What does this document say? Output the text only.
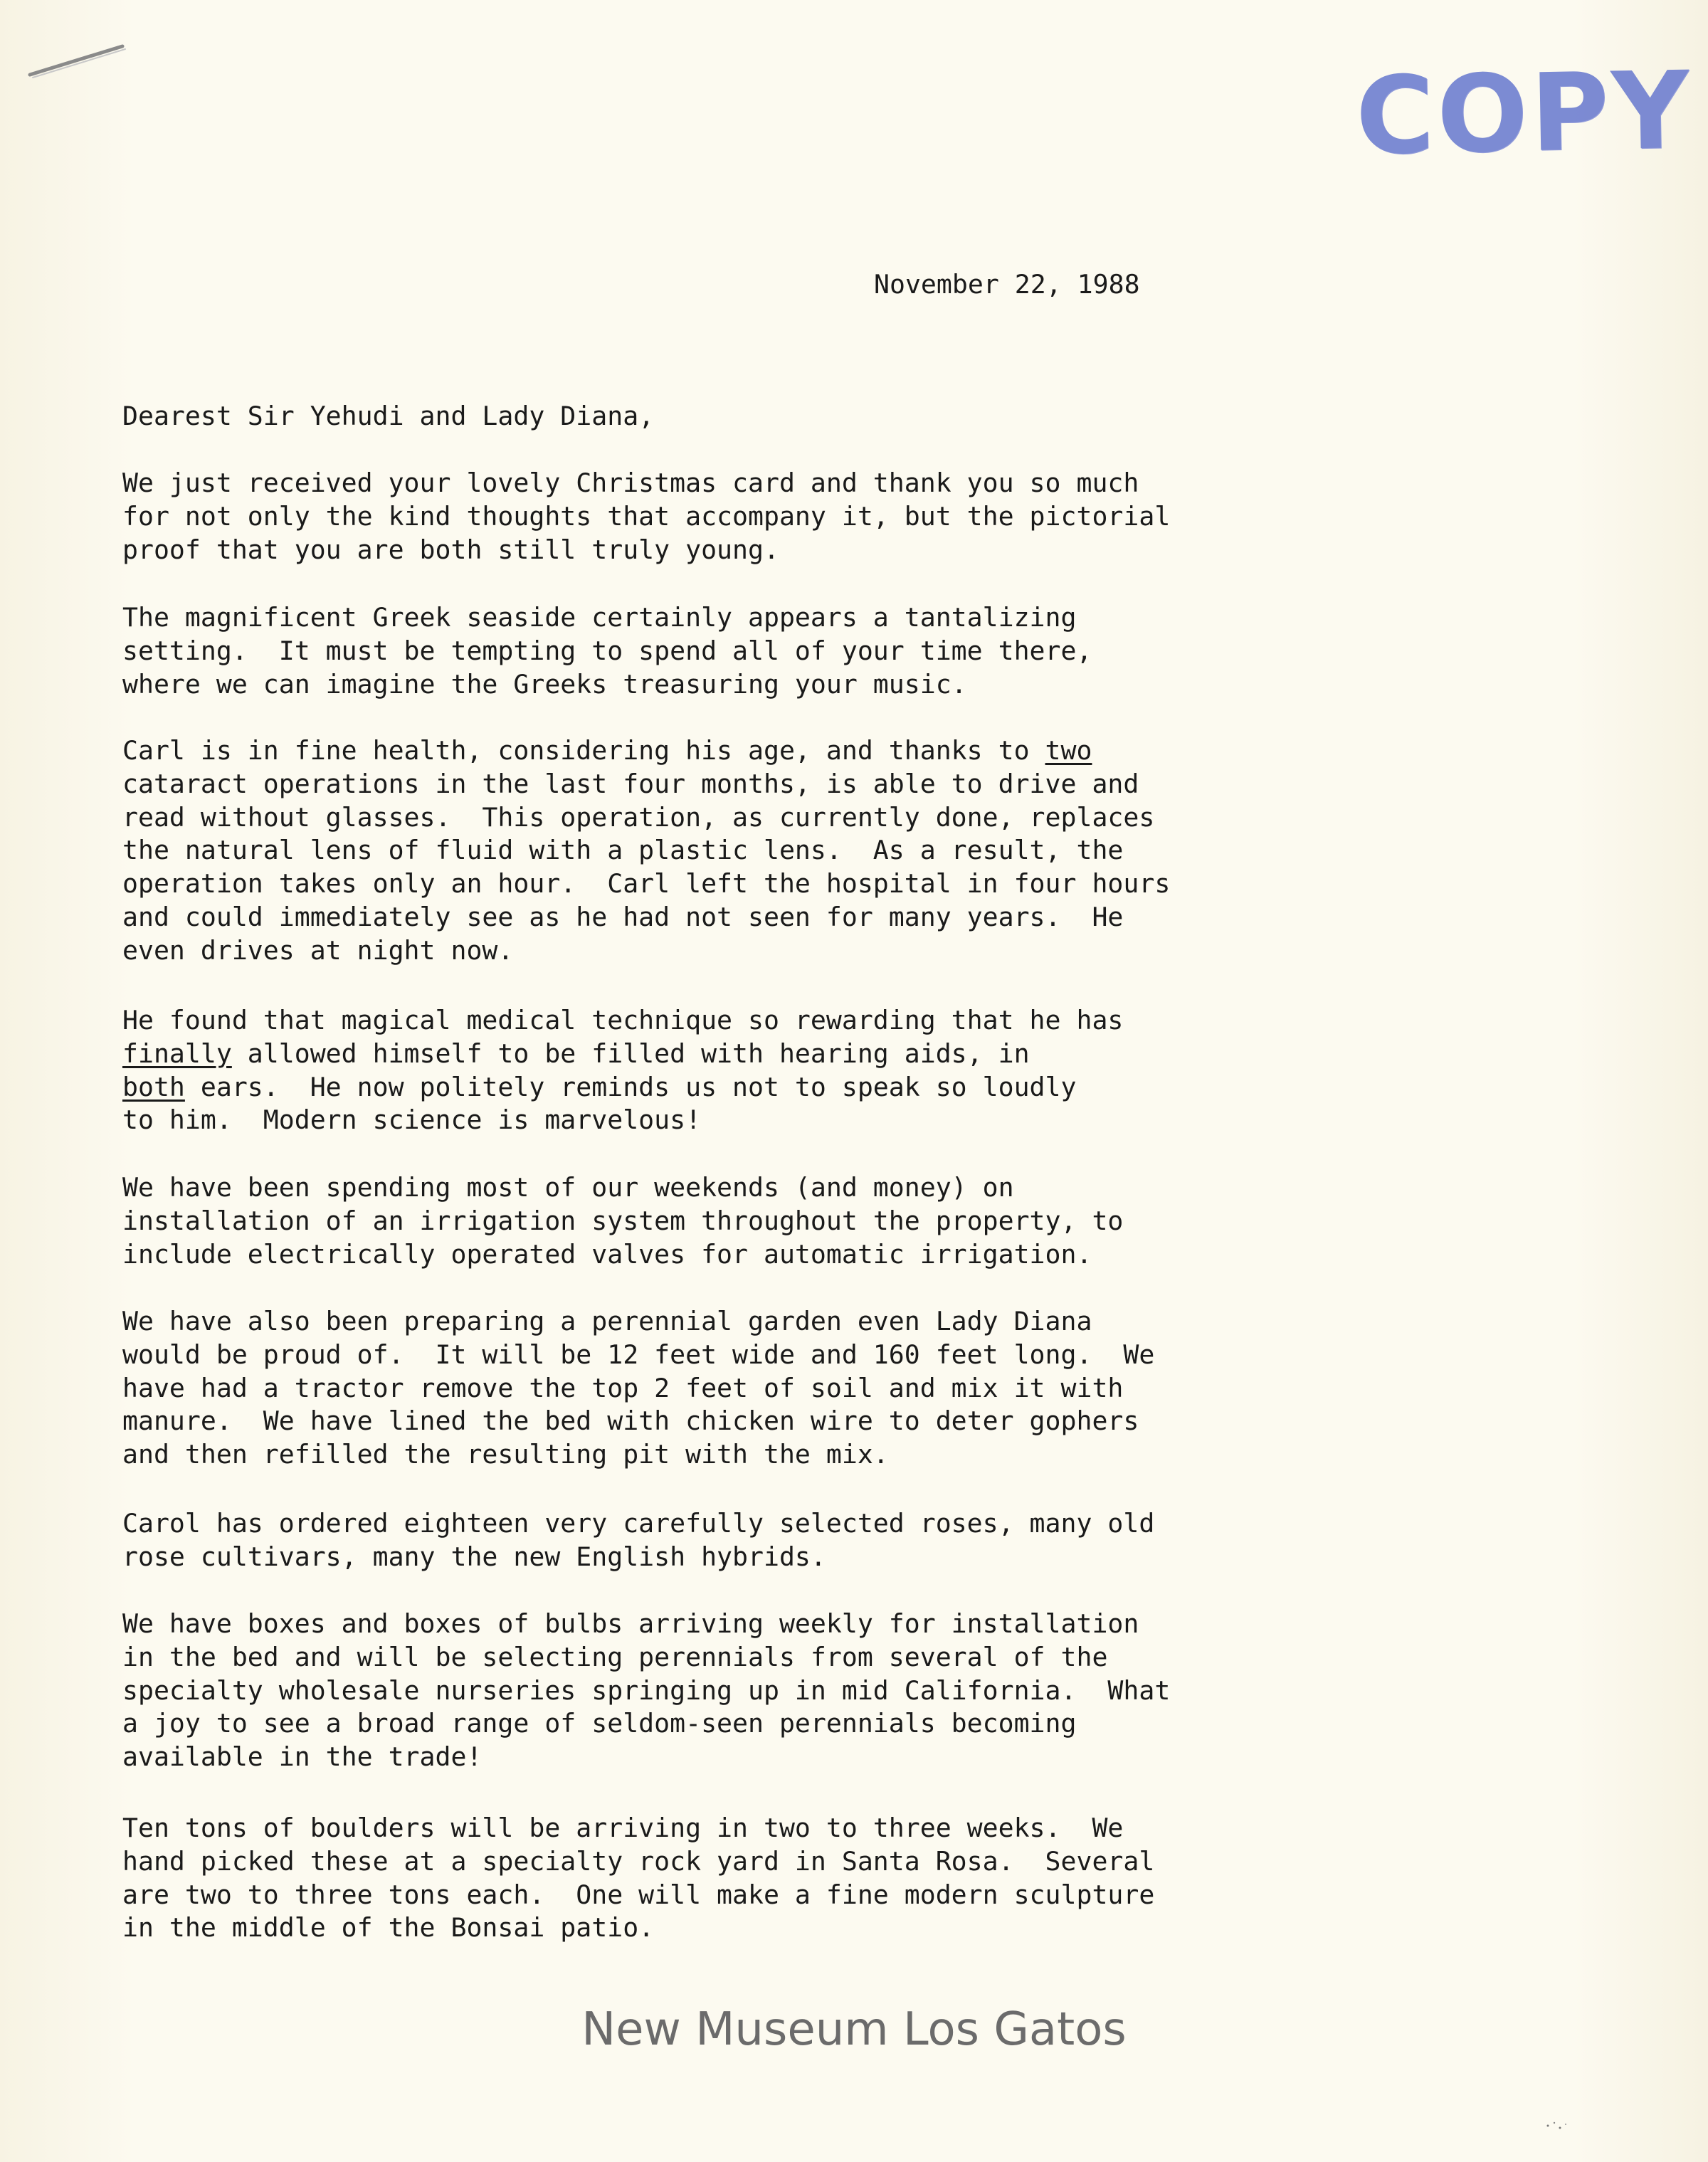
COPY
November 22, 1988
Dearest Sir Yehudi and Lady Diana,
We just received your lovely Christmas card and thank you so much
for not only the kind thoughts that accompany it, but the pictorial
proof that you are both still truly young.
The magnificent Greek seaside certainly appears a tantalizing
setting.  It must be tempting to spend all of your time there,
where we can imagine the Greeks treasuring your music.
Carl is in fine health, considering his age, and thanks to two
cataract operations in the last four months, is able to drive and
read without glasses.  This operation, as currently done, replaces
the natural lens of fluid with a plastic lens.  As a result, the
operation takes only an hour.  Carl left the hospital in four hours
and could immediately see as he had not seen for many years.  He
even drives at night now.
He found that magical medical technique so rewarding that he has
finally allowed himself to be filled with hearing aids, in
both ears.  He now politely reminds us not to speak so loudly
to him.  Modern science is marvelous!
We have been spending most of our weekends (and money) on
installation of an irrigation system throughout the property, to
include electrically operated valves for automatic irrigation.
We have also been preparing a perennial garden even Lady Diana
would be proud of.  It will be 12 feet wide and 160 feet long.  We
have had a tractor remove the top 2 feet of soil and mix it with
manure.  We have lined the bed with chicken wire to deter gophers
and then refilled the resulting pit with the mix.
Carol has ordered eighteen very carefully selected roses, many old
rose cultivars, many the new English hybrids.
We have boxes and boxes of bulbs arriving weekly for installation
in the bed and will be selecting perennials from several of the
specialty wholesale nurseries springing up in mid California.  What
a joy to see a broad range of seldom-seen perennials becoming
available in the trade!
Ten tons of boulders will be arriving in two to three weeks.  We
hand picked these at a specialty rock yard in Santa Rosa.  Several
are two to three tons each.  One will make a fine modern sculpture
in the middle of the Bonsai patio.
New Museum Los Gatos
